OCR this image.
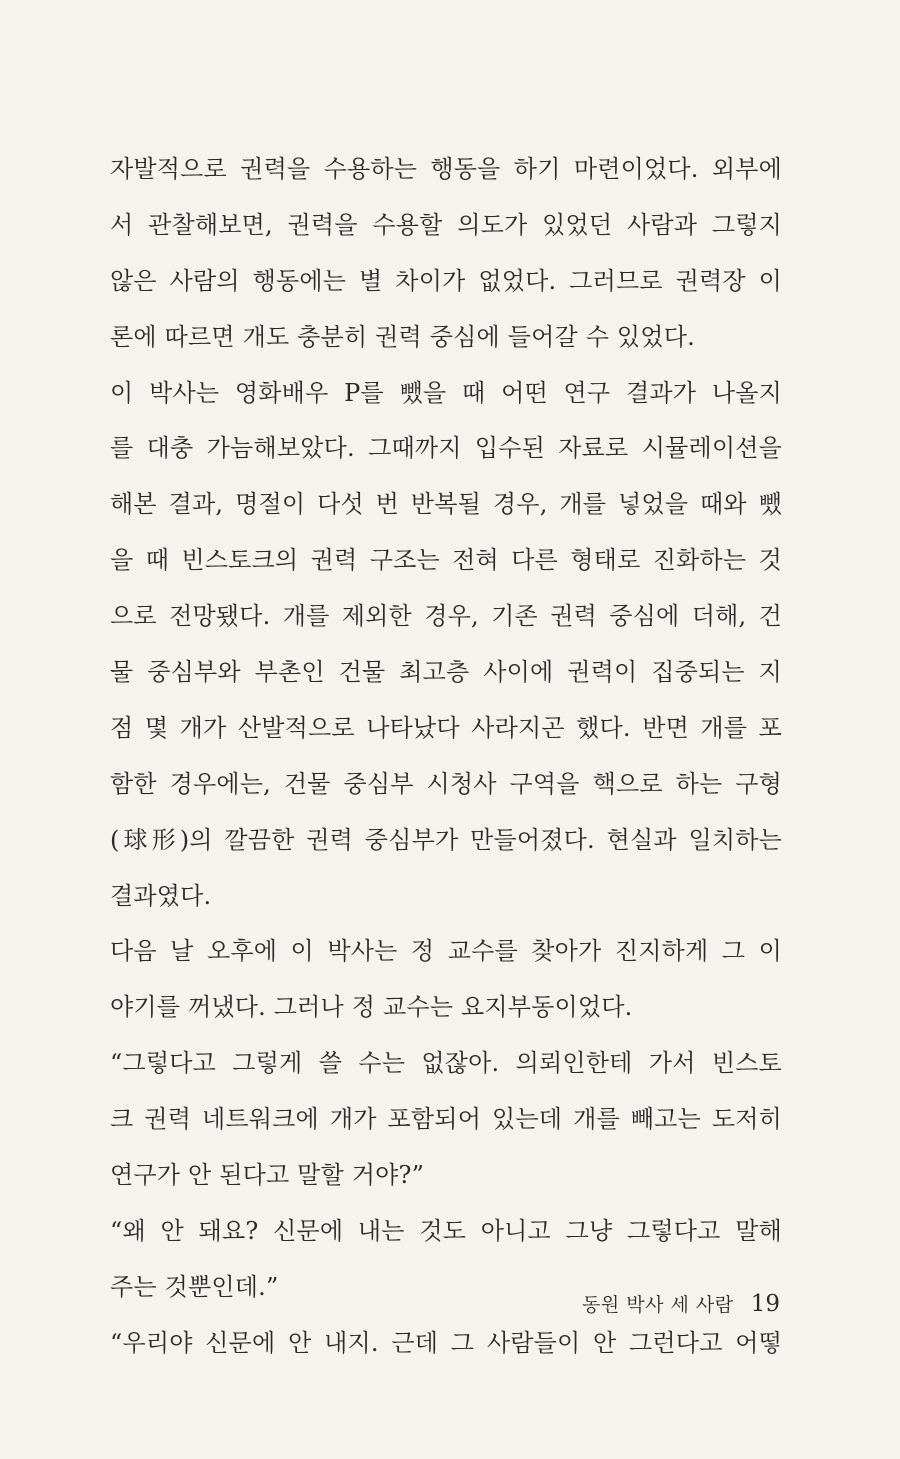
자발적으로 권력을 수용하는 행동을 하기 마련이었다. 외부에
서 관찰해보면, 권력을 수용할 의도가 있었던 사람과 그렇지
않은 사람의 행동에는 별 차이가 없었다. 그러므로 권력장 이
론에 따르면 개도 충분히 권력 중심에 들어갈 수 있었다.
이 박사는 영화배우 P를 뺐을 때 어떤 연구 결과가 나올지
를 대충 가늠해보았다. 그때까지 입수된 자료로 시뮬레이션을
해본 결과, 명절이 다섯 번 반복될 경우, 개를 넣었을 때와 뺐
을 때 빈스토크의 권력 구조는 전혀 다른 형태로 진화하는 것
으로 전망됐다. 개를 제외한 경우, 기존 권력 중심에 더해, 건
물 중심부와 부촌인 건물 최고층 사이에 권력이 집중되는 지
점 몇 개가 산발적으로 나타났다 사라지곤 했다. 반면 개를 포
함한 경우에는, 건물 중심부 시청사 구역을 핵으로 하는 구형
(球形)의 깔끔한 권력 중심부가 만들어졌다. 현실과 일치하는
결과였다.
다음 날 오후에 이 박사는 정 교수를 찾아가 진지하게 그 이
야기를 꺼냈다. 그러나 정 교수는 요지부동이었다.
“그렇다고 그렇게 쓸 수는 없잖아. 의뢰인한테 가서 빈스토
크 권력 네트워크에 개가 포함되어 있는데 개를 빼고는 도저히
연구가 안 된다고 말할 거야?”
“왜 안 돼요? 신문에 내는 것도 아니고 그냥 그렇다고 말해
주는 것뿐인데.”
“우리야 신문에 안 내지. 근데 그 사람들이 안 그런다고 어떻
동원 박사 세 사람 19
